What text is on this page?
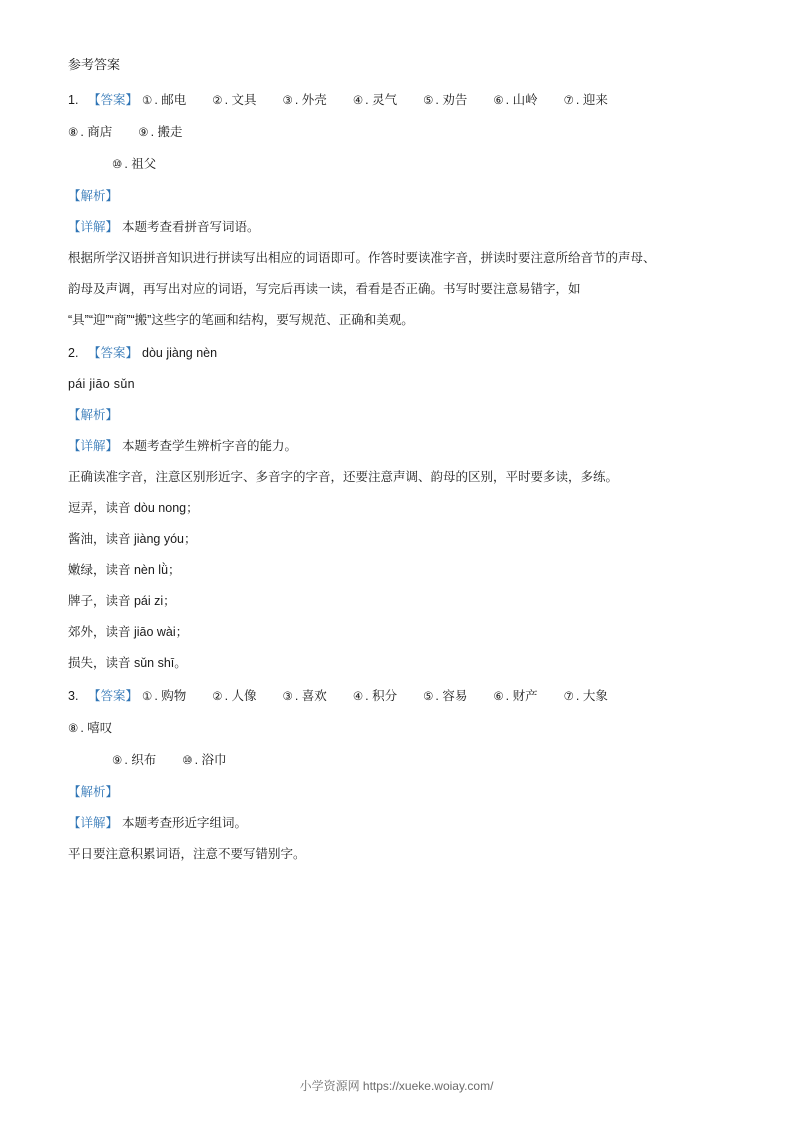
参考答案
1. 【答案】 ① . 邮电 ② . 文具 ③ . 外壳 ④ . 灵气 ⑤ . 劝告 ⑥ . 山岭 ⑦ . 迎来
⑧ . 商店 ⑨ . 搬走
⑩ . 祖父
【解析】
【详解】 本题考查看拼音写词语。
根据所学汉语拼音知识进行拼读写出相应的词语即可。作答时要读准字音，拼读时要注意所给音节的声母、
韵母及声调，再写出对应的词语，写完后再读一读，看看是否正确。书写时要注意易错字，如
“具”“迎”“商”“搬”这些字的笔画和结构，要写规范、正确和美观。
2. 【答案】 dòu jiàng nèn
pái jiāo sǔn
【解析】
【详解】 本题考查学生辨析字音的能力。
正确读准字音，注意区别形近字、多音字的字音，还要注意声调、韵母的区别，平时要多读，多练。
逗弄，读音 dòu nong；
酱油，读音 jiàng yóu；
嫩绿，读音 nèn lǜ；
牌子，读音 pái zi；
郊外，读音 jiāo wài；
损失，读音 sǔn shī。
3. 【答案】 ① . 购物 ② . 人像 ③ . 喜欢 ④ . 积分 ⑤ . 容易 ⑥ . 财产 ⑦ . 大象
⑧ . 嘻叹
⑨ . 织布 ⑩ . 浴巾
【解析】
【详解】 本题考查形近字组词。
平日要注意积累词语，注意不要写错别字。
小学资源网 https://xueke.woiay.com/
